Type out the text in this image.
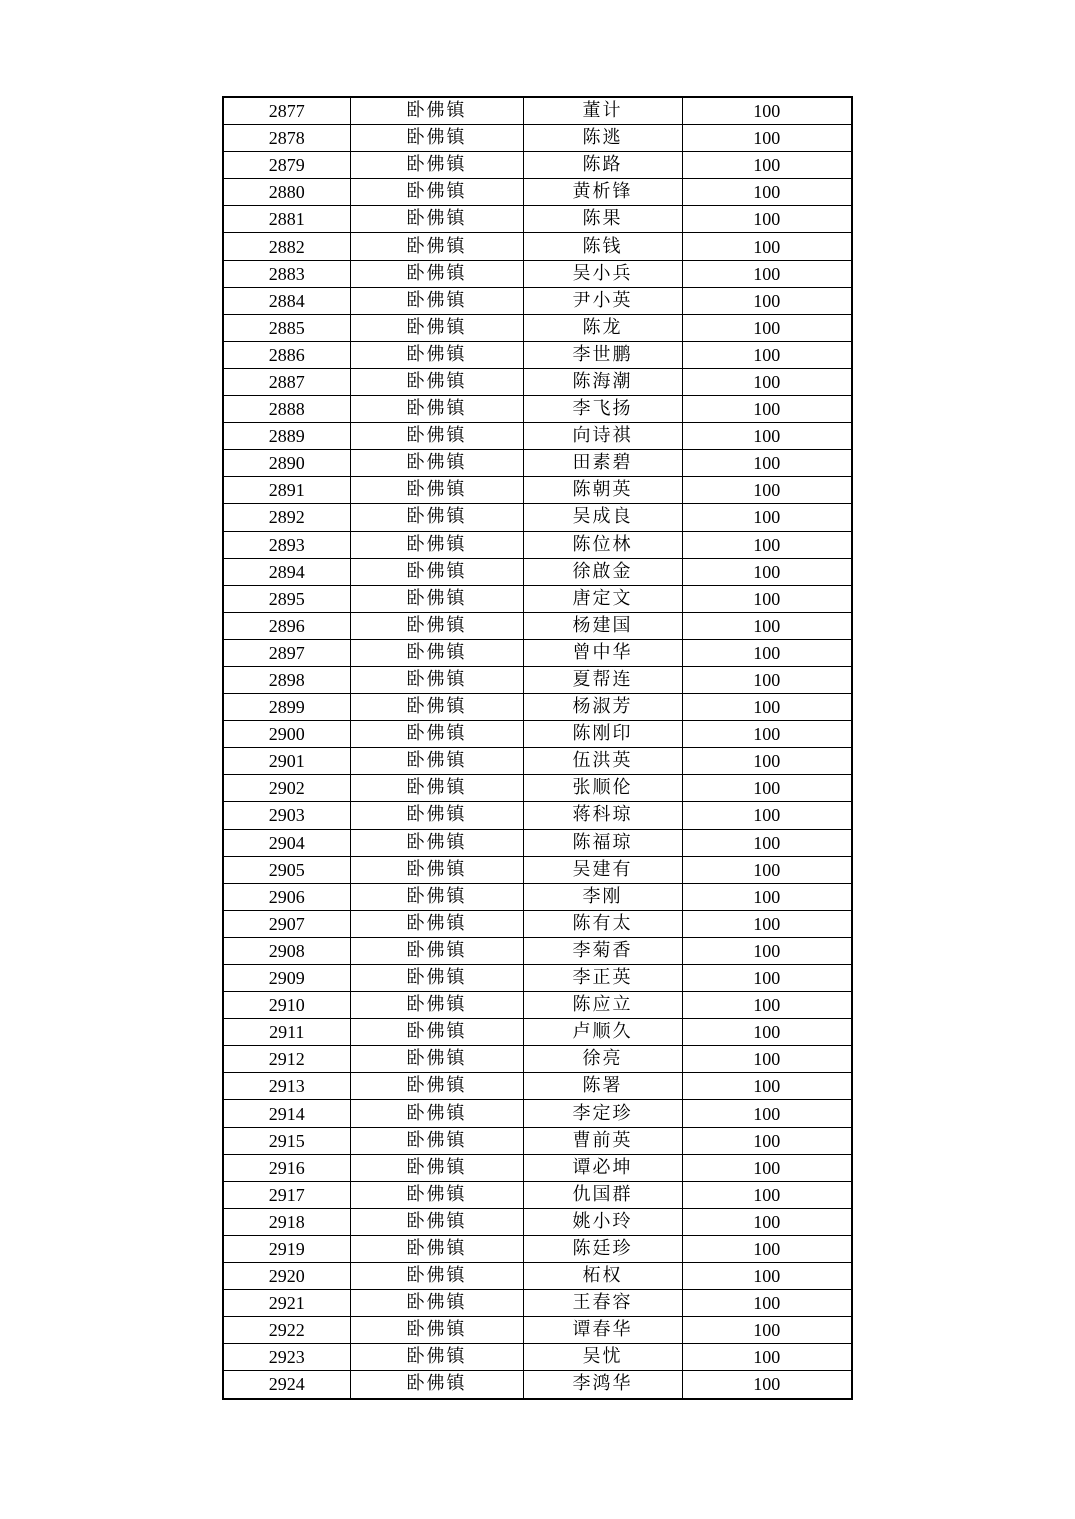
2877	卧佛镇	董计	100
2878	卧佛镇	陈逃	100
2879	卧佛镇	陈路	100
2880	卧佛镇	黄析锋	100
2881	卧佛镇	陈果	100
2882	卧佛镇	陈钱	100
2883	卧佛镇	吴小兵	100
2884	卧佛镇	尹小英	100
2885	卧佛镇	陈龙	100
2886	卧佛镇	李世鹏	100
2887	卧佛镇	陈海潮	100
2888	卧佛镇	李飞扬	100
2889	卧佛镇	向诗祺	100
2890	卧佛镇	田素碧	100
2891	卧佛镇	陈朝英	100
2892	卧佛镇	吴成良	100
2893	卧佛镇	陈位林	100
2894	卧佛镇	徐啟金	100
2895	卧佛镇	唐定文	100
2896	卧佛镇	杨建国	100
2897	卧佛镇	曾中华	100
2898	卧佛镇	夏帮连	100
2899	卧佛镇	杨淑芳	100
2900	卧佛镇	陈刚印	100
2901	卧佛镇	伍洪英	100
2902	卧佛镇	张顺伦	100
2903	卧佛镇	蒋科琼	100
2904	卧佛镇	陈福琼	100
2905	卧佛镇	吴建有	100
2906	卧佛镇	李刚	100
2907	卧佛镇	陈有太	100
2908	卧佛镇	李菊香	100
2909	卧佛镇	李正英	100
2910	卧佛镇	陈应立	100
2911	卧佛镇	卢顺久	100
2912	卧佛镇	徐亮	100
2913	卧佛镇	陈署	100
2914	卧佛镇	李定珍	100
2915	卧佛镇	曹前英	100
2916	卧佛镇	谭必坤	100
2917	卧佛镇	仇国群	100
2918	卧佛镇	姚小玲	100
2919	卧佛镇	陈廷珍	100
2920	卧佛镇	柘权	100
2921	卧佛镇	王春容	100
2922	卧佛镇	谭春华	100
2923	卧佛镇	吴忧	100
2924	卧佛镇	李鸿华	100
